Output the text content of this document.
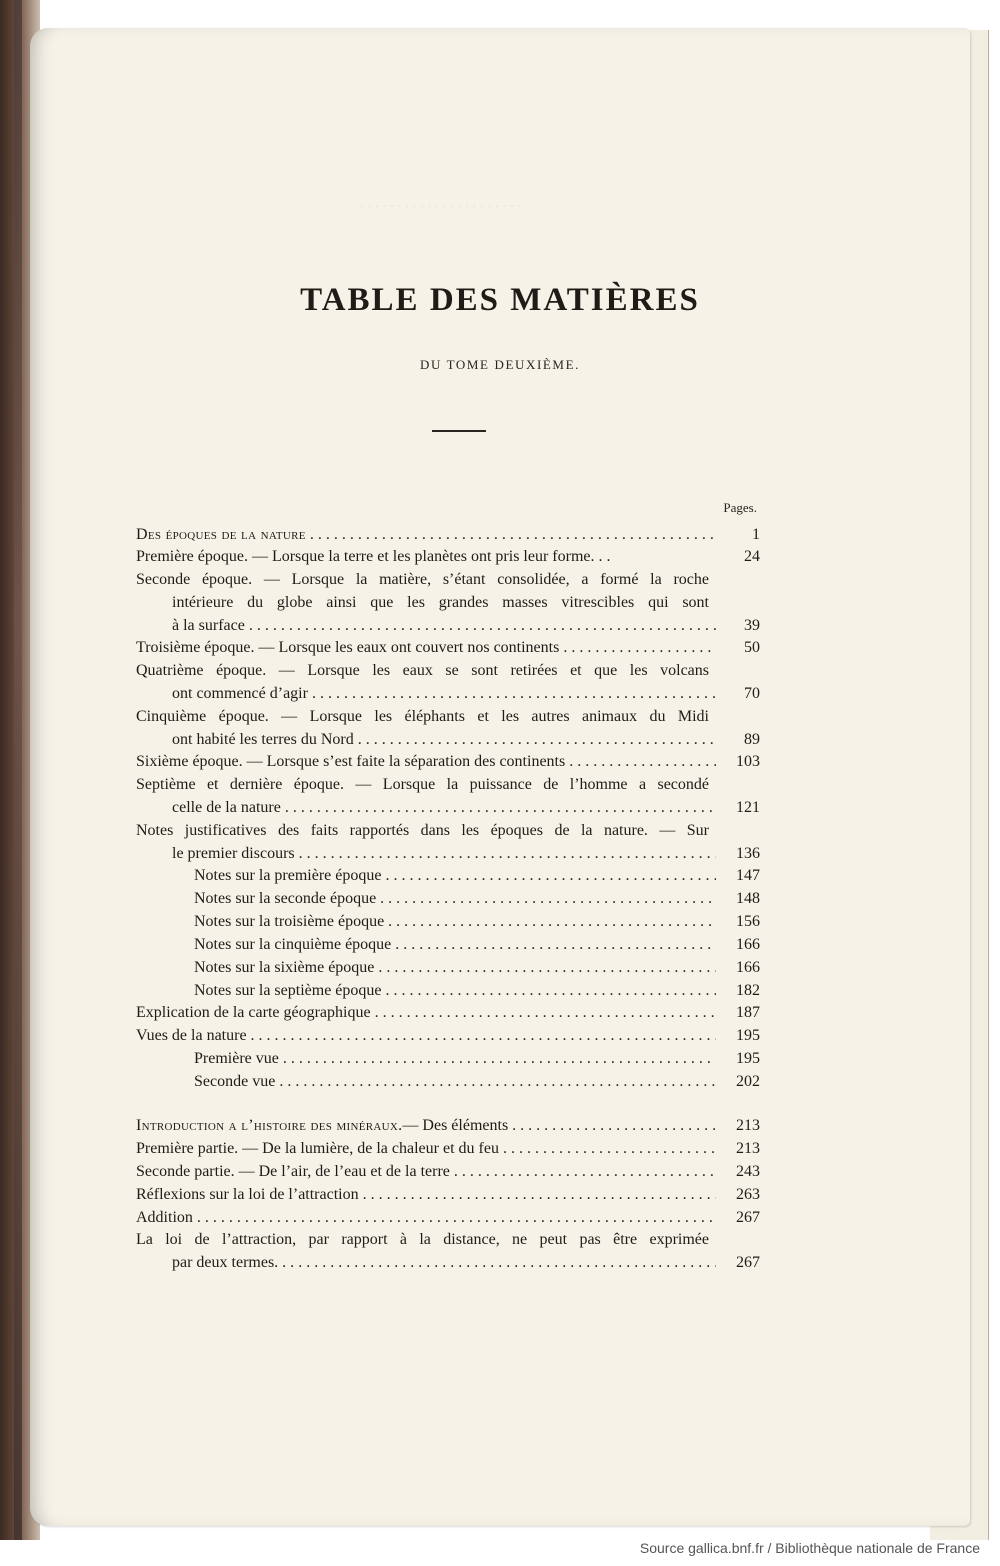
. . . . . . . . . . . . . . . . . . . . . .
TABLE DES MATIÈRES
DU TOME DEUXIÈME.
Pages.
Des époques de la nature . . .	1
Première époque. — Lorsque la terre et les planètes ont pris leur forme. . .	24
Seconde époque. — Lorsque la matière, s’étant consolidée, a formé la roche
intérieure du globe ainsi que les grandes masses vitrescibles qui sont
à la surface . . .	39
Troisième époque. — Lorsque les eaux ont couvert nos continents . . .	50
Quatrième époque. — Lorsque les eaux se sont retirées et que les volcans
ont commencé d’agir . . .	70
Cinquième époque. — Lorsque les éléphants et les autres animaux du Midi
ont habité les terres du Nord . . .	89
Sixième époque. — Lorsque s’est faite la séparation des continents . . .	103
Septième et dernière époque. — Lorsque la puissance de l’homme a secondé
celle de la nature . . .	121
Notes justificatives des faits rapportés dans les époques de la nature. — Sur
le premier discours . . .	136
Notes sur la première époque . . .	147
Notes sur la seconde époque . . .	148
Notes sur la troisième époque . . .	156
Notes sur la cinquième époque . . .	166
Notes sur la sixième époque . . .	166
Notes sur la septième époque . . .	182
Explication de la carte géographique . . .	187
Vues de la nature . . .	195
Première vue . . .	195
Seconde vue . . .	202
Introduction a l’histoire des minéraux. — Des éléments . . .	213
Première partie. — De la lumière, de la chaleur et du feu . . .	213
Seconde partie. — De l’air, de l’eau et de la terre . . .	243
Réflexions sur la loi de l’attraction . . .	263
Addition . . .	267
La loi de l’attraction, par rapport à la distance, ne peut pas être exprimée
par deux termes. . . . . .	267
Source gallica.bnf.fr / Bibliothèque nationale de France
